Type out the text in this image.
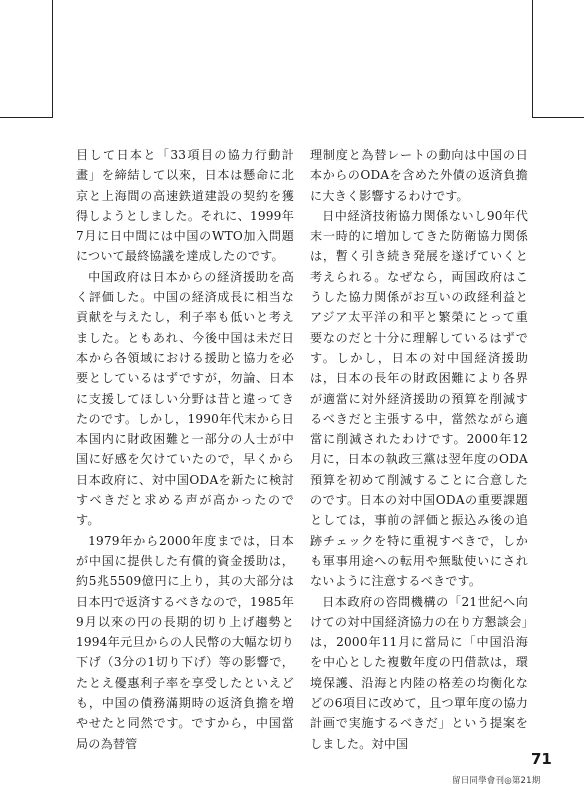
目して日本と「33項目の協力行動計畫」を締結して以來，日本は懸命に北京と上海間の高速鉄道建設の契約を獲得しようとしました。それに、1999年7月に日中間には中国のWTO加入問題について最終協議を達成したのです。

中国政府は日本からの経済援助を高く評価した。中国の経済成長に相当な貢献を与えたし，利子率も低いと考えました。ともあれ、今後中国は未だ日本から各領域における援助と協力を必要としているはずですが，勿論、日本に支援してほしい分野は昔と違ってきたのです。しかし，1990年代末から日本国内に財政困難と一部分の人士が中国に好感を欠けていたので，早くから日本政府に、対中国ODAを新たに検討すべきだと求める声が高かったのです。

1979年から2000年度までは，日本が中国に提供した有償的資金援助は，約5兆5509億円に上り，其の大部分は日本円で返済するべきなので，1985年9月以來の円の長期的切り上げ趨勢と1994年元旦からの人民幣の大幅な切り下げ（3分の1切り下げ）等の影響で，たとえ優惠利子率を享受したといえども，中国の債務滿期時の返済負擔を増やせたと同然です。ですから，中国當局の為替管

理制度と為替レートの動向は中国の日本からのODAを含めた外債の返済負擔に大きく影響するわけです。

日中経済技術協力関係ないし90年代末一時的に増加してきた防衛協力関係は，暫く引き続き発展を遂げていくと考えられる。なぜなら，両国政府はこうした協力関係がお互いの政経利益とアジア太平洋の和平と繁榮にとって重要なのだと十分に理解しているはずです。しかし，日本の対中国経済援助は，日本の長年の財政困難により各界が適當に対外経済援助の預算を削減するべきだと主張する中，當然ながら適當に削減されたわけです。2000年12月に，日本の執政三黨は翌年度のODA預算を初めて削減することに合意したのです。日本の対中国ODAの重要課題としては，事前の評価と振込み後の追跡チェックを特に重視すべきで，しかも軍事用途への転用や無駄使いにされないように注意するべきです。

日本政府の咨問機構の「21世紀へ向けての対中国経済協力の在り方懇談会」は，2000年11月に當局に「中国沿海を中心とした複數年度の円借款は，環境保護、沿海と内陸の格差の均衡化などの6項目に改めて，且つ單年度の協力計画で実施するべきだ」という提案をしました。対中国

71
留日同學會刊◎第21期
